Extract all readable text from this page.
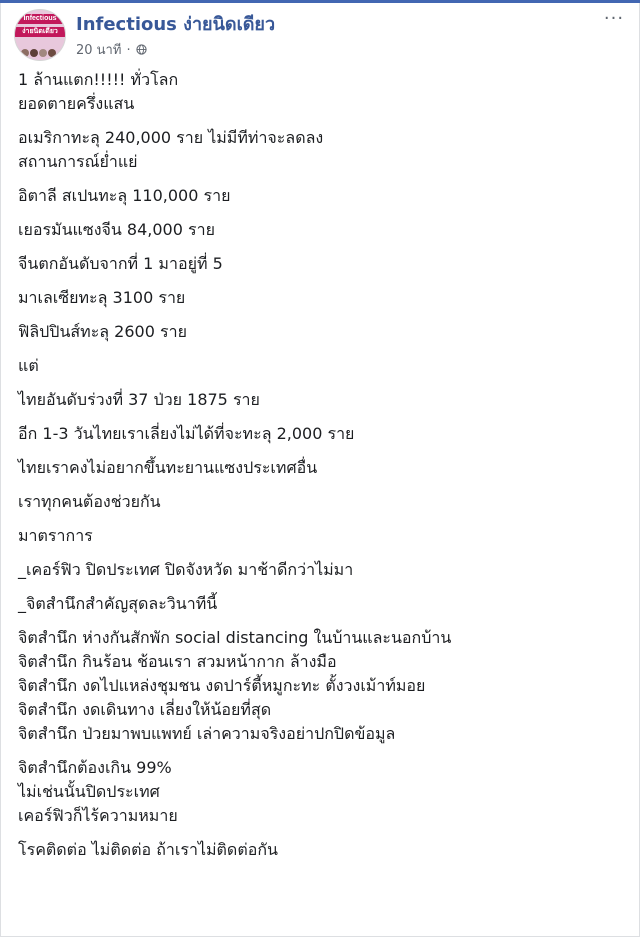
Infectious
ง่ายนิดเดียว	Infectious ง่ายนิดเดียว
20 นาที ·
···

1 ล้านแตก!!!!! ทั่วโลก

ยอดตายครึ่งแสน

อเมริกาทะลุ 240,000 ราย ไม่มีทีท่าจะลดลง

สถานการณ์ย่ำแย่

อิตาลี สเปนทะลุ 110,000 ราย

เยอรมันแซงจีน 84,000 ราย

จีนตกอันดับจากที่ 1 มาอยู่ที่ 5

มาเลเซียทะลุ 3100 ราย

ฟิลิปปินส์ทะลุ 2600 ราย

แต่

ไทยอันดับร่วงที่ 37 ป่วย 1875 ราย

อีก 1-3 วันไทยเราเลี่ยงไม่ได้ที่จะทะลุ 2,000 ราย

ไทยเราคงไม่อยากขึ้นทะยานแซงประเทศอื่น

เราทุกคนต้องช่วยกัน

มาตราการ

_เคอร์ฟิว ปิดประเทศ ปิดจังหวัด มาช้าดีกว่าไม่มา

_จิตสำนึกสำคัญสุดละวินาทีนี้

จิตสำนึก ห่างกันสักพัก social distancing ในบ้านและนอกบ้าน

จิตสำนึก กินร้อน ช้อนเรา สวมหน้ากาก ล้างมือ

จิตสำนึก งดไปแหล่งชุมชน งดปาร์ตี้หมูกะทะ ตั้งวงเม้าท์มอย

จิตสำนึก งดเดินทาง เลี่ยงให้น้อยที่สุด

จิตสำนึก ป่วยมาพบแพทย์ เล่าความจริงอย่าปกปิดข้อมูล

จิตสำนึกต้องเกิน 99%

ไม่เช่นนั้นปิดประเทศ

เคอร์ฟิวก็ไร้ความหมาย

โรคติดต่อ ไม่ติดต่อ ถ้าเราไม่ติดต่อกัน
